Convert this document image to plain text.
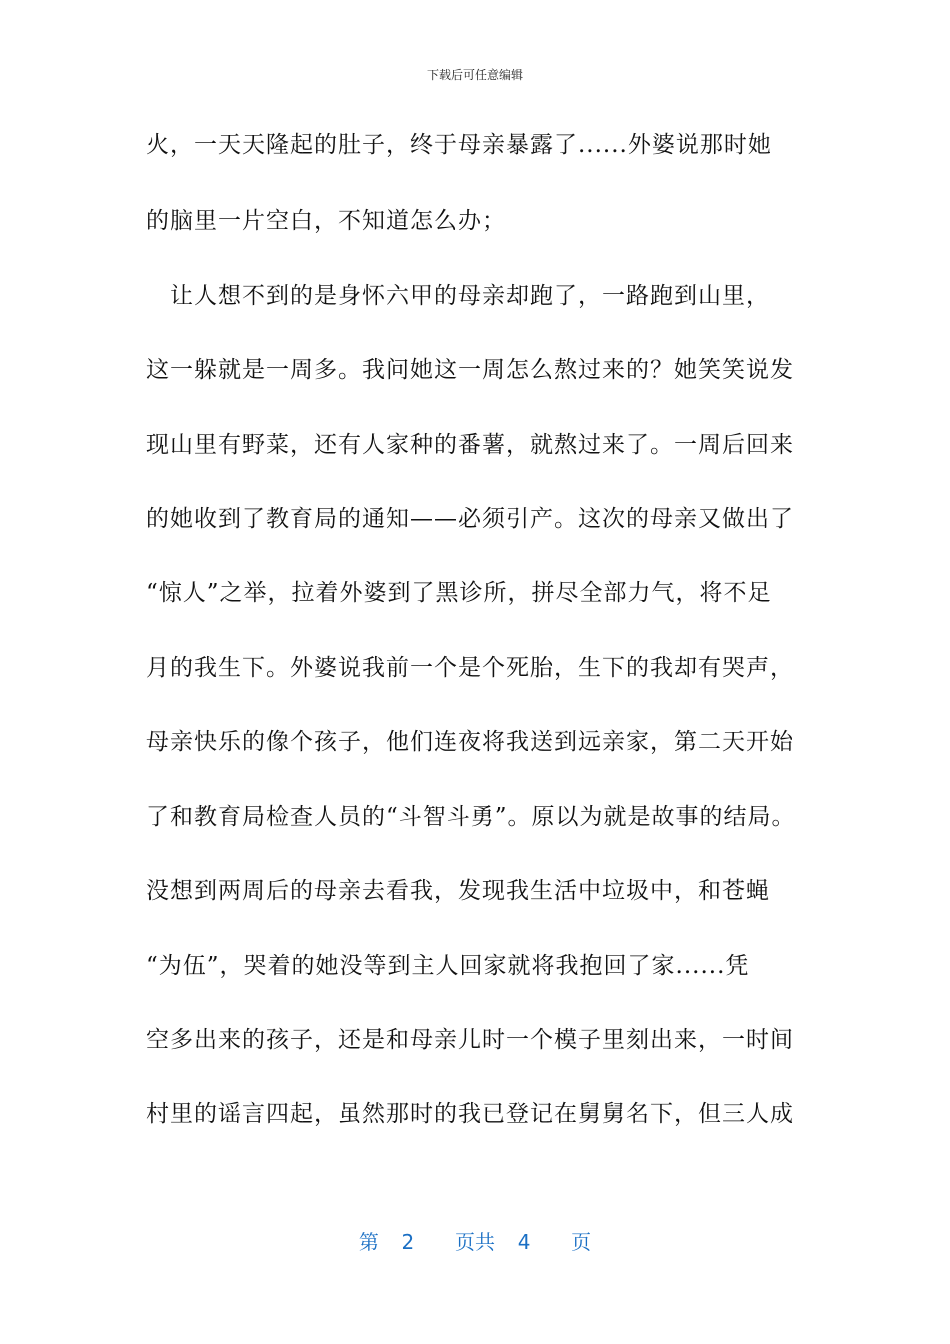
下载后可任意编辑
火，一天天隆起的肚子，终于母亲暴露了......外婆说那时她
的脑里一片空白，不知道怎么办；
　让人想不到的是身怀六甲的母亲却跑了，一路跑到山里，
这一躲就是一周多。我问她这一周怎么熬过来的？她笑笑说发
现山里有野菜，还有人家种的番薯，就熬过来了。一周后回来
的她收到了教育局的通知——必须引产。这次的母亲又做出了
“惊人”之举，拉着外婆到了黑诊所，拼尽全部力气，将不足
月的我生下。外婆说我前一个是个死胎，生下的我却有哭声，
母亲快乐的像个孩子，他们连夜将我送到远亲家，第二天开始
了和教育局检查人员的“斗智斗勇”。原以为就是故事的结局。
没想到两周后的母亲去看我，发现我生活中垃圾中，和苍蝇
“为伍”，哭着的她没等到主人回家就将我抱回了家......凭
空多出来的孩子，还是和母亲儿时一个模子里刻出来，一时间
村里的谣言四起，虽然那时的我已登记在舅舅名下，但三人成
第 2 页共 4 页
